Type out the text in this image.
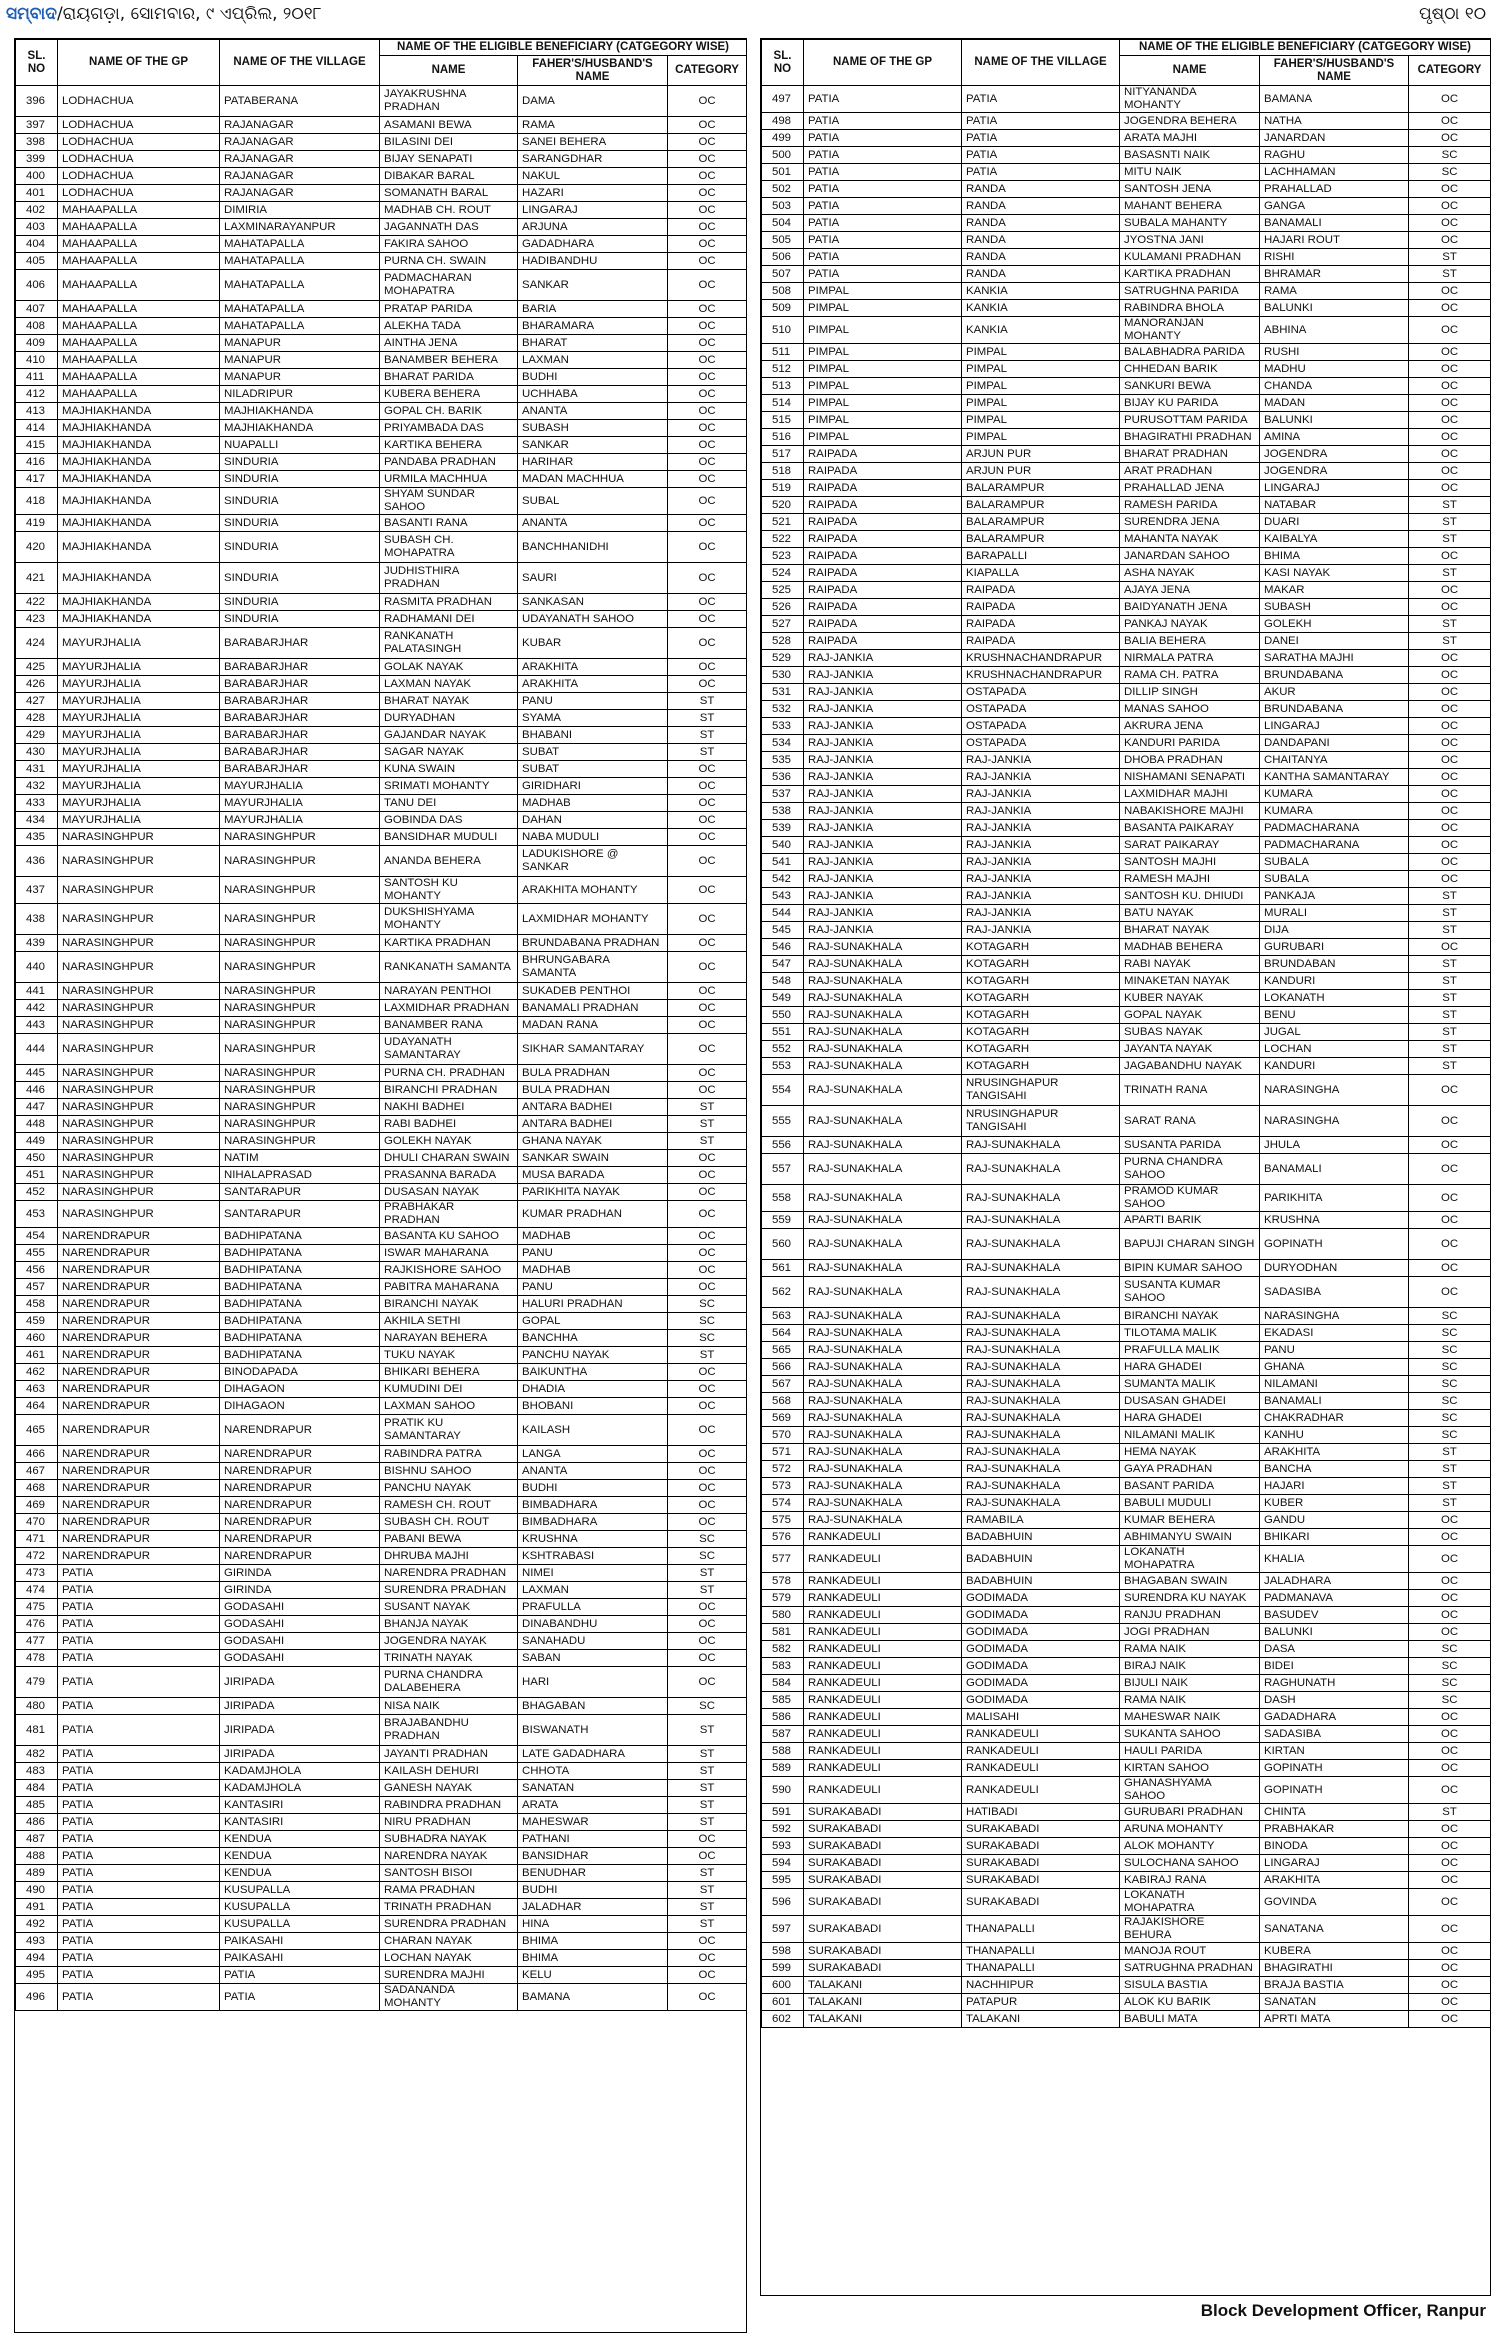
ସମ୍ବାଦ/ରାୟଗଡ଼ା, ସୋମବାର, ୯ ଏପ୍ରିଲ, ୨୦୧୮	ପୃଷ୍ଠା ୧୦
SL. NO	NAME OF THE GP	NAME OF THE VILLAGE	NAME OF THE ELIGIBLE BENEFICIARY (CATGEGORY WISE)		
			NAME	FAHER'S/HUSBAND'S NAME	CATEGORY
396	LODHACHUA	PATABERANA	JAYAKRUSHNA PRADHAN	DAMA	OC
397	LODHACHUA	RAJANAGAR	ASAMANI BEWA	RAMA	OC
398	LODHACHUA	RAJANAGAR	BILASINI DEI	SANEI BEHERA	OC
399	LODHACHUA	RAJANAGAR	BIJAY SENAPATI	SARANGDHAR	OC
400	LODHACHUA	RAJANAGAR	DIBAKAR BARAL	NAKUL	OC
401	LODHACHUA	RAJANAGAR	SOMANATH BARAL	HAZARI	OC
402	MAHAAPALLA	DIMIRIA	MADHAB CH. ROUT	LINGARAJ	OC
403	MAHAAPALLA	LAXMINARAYANPUR	JAGANNATH DAS	ARJUNA	OC
404	MAHAAPALLA	MAHATAPALLA	FAKIRA SAHOO	GADADHARA	OC
405	MAHAAPALLA	MAHATAPALLA	PURNA CH. SWAIN	HADIBANDHU	OC
406	MAHAAPALLA	MAHATAPALLA	PADMACHARAN MOHAPATRA	SANKAR	OC
407	MAHAAPALLA	MAHATAPALLA	PRATAP PARIDA	BARIA	OC
408	MAHAAPALLA	MAHATAPALLA	ALEKHA TADA	BHARAMARA	OC
409	MAHAAPALLA	MANAPUR	AINTHA JENA	BHARAT	OC
410	MAHAAPALLA	MANAPUR	BANAMBER BEHERA	LAXMAN	OC
411	MAHAAPALLA	MANAPUR	BHARAT PARIDA	BUDHI	OC
412	MAHAAPALLA	NILADRIPUR	KUBERA BEHERA	UCHHABA	OC
413	MAJHIAKHANDA	MAJHIAKHANDA	GOPAL CH. BARIK	ANANTA	OC
414	MAJHIAKHANDA	MAJHIAKHANDA	PRIYAMBADA DAS	SUBASH	OC
415	MAJHIAKHANDA	NUAPALLI	KARTIKA BEHERA	SANKAR	OC
416	MAJHIAKHANDA	SINDURIA	PANDABA PRADHAN	HARIHAR	OC
417	MAJHIAKHANDA	SINDURIA	URMILA MACHHUA	MADAN MACHHUA	OC
418	MAJHIAKHANDA	SINDURIA	SHYAM SUNDAR SAHOO	SUBAL	OC
419	MAJHIAKHANDA	SINDURIA	BASANTI RANA	ANANTA	OC
420	MAJHIAKHANDA	SINDURIA	SUBASH CH. MOHAPATRA	BANCHHANIDHI	OC
421	MAJHIAKHANDA	SINDURIA	JUDHISTHIRA PRADHAN	SAURI	OC
422	MAJHIAKHANDA	SINDURIA	RASMITA PRADHAN	SANKASAN	OC
423	MAJHIAKHANDA	SINDURIA	RADHAMANI DEI	UDAYANATH SAHOO	OC
424	MAYURJHALIA	BARABARJHAR	RANKANATH PALATASINGH	KUBAR	OC
425	MAYURJHALIA	BARABARJHAR	GOLAK NAYAK	ARAKHITA	OC
426	MAYURJHALIA	BARABARJHAR	LAXMAN NAYAK	ARAKHITA	OC
427	MAYURJHALIA	BARABARJHAR	BHARAT NAYAK	PANU	ST
428	MAYURJHALIA	BARABARJHAR	DURYADHAN	SYAMA	ST
429	MAYURJHALIA	BARABARJHAR	GAJANDAR NAYAK	BHABANI	ST
430	MAYURJHALIA	BARABARJHAR	SAGAR NAYAK	SUBAT	ST
431	MAYURJHALIA	BARABARJHAR	KUNA SWAIN	SUBAT	OC
432	MAYURJHALIA	MAYURJHALIA	SRIMATI MOHANTY	GIRIDHARI	OC
433	MAYURJHALIA	MAYURJHALIA	TANU DEI	MADHAB	OC
434	MAYURJHALIA	MAYURJHALIA	GOBINDA DAS	DAHAN	OC
435	NARASINGHPUR	NARASINGHPUR	BANSIDHAR MUDULI	NABA MUDULI	OC
436	NARASINGHPUR	NARASINGHPUR	ANANDA BEHERA	LADUKISHORE @ SANKAR	OC
437	NARASINGHPUR	NARASINGHPUR	SANTOSH KU MOHANTY	ARAKHITA MOHANTY	OC
438	NARASINGHPUR	NARASINGHPUR	DUKSHISHYAMA MOHANTY	LAXMIDHAR MOHANTY	OC
439	NARASINGHPUR	NARASINGHPUR	KARTIKA PRADHAN	BRUNDABANA PRADHAN	OC
440	NARASINGHPUR	NARASINGHPUR	RANKANATH SAMANTA	BHRUNGABARA SAMANTA	OC
441	NARASINGHPUR	NARASINGHPUR	NARAYAN PENTHOI	SUKADEB PENTHOI	OC
442	NARASINGHPUR	NARASINGHPUR	LAXMIDHAR PRADHAN	BANAMALI PRADHAN	OC
443	NARASINGHPUR	NARASINGHPUR	BANAMBER RANA	MADAN RANA	OC
444	NARASINGHPUR	NARASINGHPUR	UDAYANATH SAMANTARAY	SIKHAR SAMANTARAY	OC
445	NARASINGHPUR	NARASINGHPUR	PURNA CH. PRADHAN	BULA PRADHAN	OC
446	NARASINGHPUR	NARASINGHPUR	BIRANCHI PRADHAN	BULA PRADHAN	OC
447	NARASINGHPUR	NARASINGHPUR	NAKHI BADHEI	ANTARA BADHEI	ST
448	NARASINGHPUR	NARASINGHPUR	RABI BADHEI	ANTARA BADHEI	ST
449	NARASINGHPUR	NARASINGHPUR	GOLEKH NAYAK	GHANA NAYAK	ST
450	NARASINGHPUR	NATIM	DHULI CHARAN SWAIN	SANKAR SWAIN	OC
451	NARASINGHPUR	NIHALAPRASAD	PRASANNA BARADA	MUSA BARADA	OC
452	NARASINGHPUR	SANTARAPUR	DUSASAN NAYAK	PARIKHITA NAYAK	OC
453	NARASINGHPUR	SANTARAPUR	PRABHAKAR PRADHAN	KUMAR PRADHAN	OC
454	NARENDRAPUR	BADHIPATANA	BASANTA KU SAHOO	MADHAB	OC
455	NARENDRAPUR	BADHIPATANA	ISWAR MAHARANA	PANU	OC
456	NARENDRAPUR	BADHIPATANA	RAJKISHORE SAHOO	MADHAB	OC
457	NARENDRAPUR	BADHIPATANA	PABITRA MAHARANA	PANU	OC
458	NARENDRAPUR	BADHIPATANA	BIRANCHI NAYAK	HALURI PRADHAN	SC
459	NARENDRAPUR	BADHIPATANA	AKHILA SETHI	GOPAL	SC
460	NARENDRAPUR	BADHIPATANA	NARAYAN BEHERA	BANCHHA	SC
461	NARENDRAPUR	BADHIPATANA	TUKU NAYAK	PANCHU NAYAK	ST
462	NARENDRAPUR	BINODAPADA	BHIKARI BEHERA	BAIKUNTHA	OC
463	NARENDRAPUR	DIHAGAON	KUMUDINI DEI	DHADIA	OC
464	NARENDRAPUR	DIHAGAON	LAXMAN SAHOO	BHOBANI	OC
465	NARENDRAPUR	NARENDRAPUR	PRATIK KU SAMANTARAY	KAILASH	OC
466	NARENDRAPUR	NARENDRAPUR	RABINDRA PATRA	LANGA	OC
467	NARENDRAPUR	NARENDRAPUR	BISHNU SAHOO	ANANTA	OC
468	NARENDRAPUR	NARENDRAPUR	PANCHU NAYAK	BUDHI	OC
469	NARENDRAPUR	NARENDRAPUR	RAMESH CH. ROUT	BIMBADHARA	OC
470	NARENDRAPUR	NARENDRAPUR	SUBASH CH. ROUT	BIMBADHARA	OC
471	NARENDRAPUR	NARENDRAPUR	PABANI BEWA	KRUSHNA	SC
472	NARENDRAPUR	NARENDRAPUR	DHRUBA MAJHI	KSHTRABASI	SC
473	PATIA	GIRINDA	NARENDRA PRADHAN	NIMEI	ST
474	PATIA	GIRINDA	SURENDRA PRADHAN	LAXMAN	ST
475	PATIA	GODASAHI	SUSANT NAYAK	PRAFULLA	OC
476	PATIA	GODASAHI	BHANJA NAYAK	DINABANDHU	OC
477	PATIA	GODASAHI	JOGENDRA NAYAK	SANAHADU	OC
478	PATIA	GODASAHI	TRINATH NAYAK	SABAN	OC
479	PATIA	JIRIPADA	PURNA CHANDRA DALABEHERA	HARI	OC
480	PATIA	JIRIPADA	NISA NAIK	BHAGABAN	SC
481	PATIA	JIRIPADA	BRAJABANDHU PRADHAN	BISWANATH	ST
482	PATIA	JIRIPADA	JAYANTI PRADHAN	LATE GADADHARA	ST
483	PATIA	KADAMJHOLA	KAILASH DEHURI	CHHOTA	ST
484	PATIA	KADAMJHOLA	GANESH NAYAK	SANATAN	ST
485	PATIA	KANTASIRI	RABINDRA PRADHAN	ARATA	ST
486	PATIA	KANTASIRI	NIRU PRADHAN	MAHESWAR	ST
487	PATIA	KENDUA	SUBHADRA NAYAK	PATHANI	OC
488	PATIA	KENDUA	NARENDRA NAYAK	BANSIDHAR	OC
489	PATIA	KENDUA	SANTOSH BISOI	BENUDHAR	ST
490	PATIA	KUSUPALLA	RAMA PRADHAN	BUDHI	ST
491	PATIA	KUSUPALLA	TRINATH PRADHAN	JALADHAR	ST
492	PATIA	KUSUPALLA	SURENDRA PRADHAN	HINA	ST
493	PATIA	PAIKASAHI	CHARAN NAYAK	BHIMA	OC
494	PATIA	PAIKASAHI	LOCHAN NAYAK	BHIMA	OC
495	PATIA	PATIA	SURENDRA MAJHI	KELU	OC
496	PATIA	PATIA	SADANANDA MOHANTY	BAMANA	OC
SL. NO	NAME OF THE GP	NAME OF THE VILLAGE	NAME OF THE ELIGIBLE BENEFICIARY (CATGEGORY WISE)		
			NAME	FAHER'S/HUSBAND'S NAME	CATEGORY
497	PATIA	PATIA	NITYANANDA MOHANTY	BAMANA	OC
498	PATIA	PATIA	JOGENDRA BEHERA	NATHA	OC
499	PATIA	PATIA	ARATA MAJHI	JANARDAN	OC
500	PATIA	PATIA	BASASNTI NAIK	RAGHU	SC
501	PATIA	PATIA	MITU NAIK	LACHHAMAN	SC
502	PATIA	RANDA	SANTOSH JENA	PRAHALLAD	OC
503	PATIA	RANDA	MAHANT BEHERA	GANGA	OC
504	PATIA	RANDA	SUBALA MAHANTY	BANAMALI	OC
505	PATIA	RANDA	JYOSTNA JANI	HAJARI ROUT	OC
506	PATIA	RANDA	KULAMANI PRADHAN	RISHI	ST
507	PATIA	RANDA	KARTIKA PRADHAN	BHRAMAR	ST
508	PIMPAL	KANKIA	SATRUGHNA PARIDA	RAMA	OC
509	PIMPAL	KANKIA	RABINDRA BHOLA	BALUNKI	OC
510	PIMPAL	KANKIA	MANORANJAN MOHANTY	ABHINA	OC
511	PIMPAL	PIMPAL	BALABHADRA PARIDA	RUSHI	OC
512	PIMPAL	PIMPAL	CHHEDAN BARIK	MADHU	OC
513	PIMPAL	PIMPAL	SANKURI BEWA	CHANDA	OC
514	PIMPAL	PIMPAL	BIJAY KU PARIDA	MADAN	OC
515	PIMPAL	PIMPAL	PURUSOTTAM PARIDA	BALUNKI	OC
516	PIMPAL	PIMPAL	BHAGIRATHI PRADHAN	AMINA	OC
517	RAIPADA	ARJUN PUR	BHARAT PRADHAN	JOGENDRA	OC
518	RAIPADA	ARJUN PUR	ARAT PRADHAN	JOGENDRA	OC
519	RAIPADA	BALARAMPUR	PRAHALLAD JENA	LINGARAJ	OC
520	RAIPADA	BALARAMPUR	RAMESH PARIDA	NATABAR	ST
521	RAIPADA	BALARAMPUR	SURENDRA JENA	DUARI	ST
522	RAIPADA	BALARAMPUR	MAHANTA NAYAK	KAIBALYA	ST
523	RAIPADA	BARAPALLI	JANARDAN SAHOO	BHIMA	OC
524	RAIPADA	KIAPALLA	ASHA NAYAK	KASI NAYAK	ST
525	RAIPADA	RAIPADA	AJAYA JENA	MAKAR	OC
526	RAIPADA	RAIPADA	BAIDYANATH JENA	SUBASH	OC
527	RAIPADA	RAIPADA	PANKAJ NAYAK	GOLEKH	ST
528	RAIPADA	RAIPADA	BALIA BEHERA	DANEI	ST
529	RAJ-JANKIA	KRUSHNACHANDRAPUR	NIRMALA PATRA	SARATHA MAJHI	OC
530	RAJ-JANKIA	KRUSHNACHANDRAPUR	RAMA CH. PATRA	BRUNDABANA	OC
531	RAJ-JANKIA	OSTAPADA	DILLIP SINGH	AKUR	OC
532	RAJ-JANKIA	OSTAPADA	MANAS SAHOO	BRUNDABANA	OC
533	RAJ-JANKIA	OSTAPADA	AKRURA JENA	LINGARAJ	OC
534	RAJ-JANKIA	OSTAPADA	KANDURI PARIDA	DANDAPANI	OC
535	RAJ-JANKIA	RAJ-JANKIA	DHOBA PRADHAN	CHAITANYA	OC
536	RAJ-JANKIA	RAJ-JANKIA	NISHAMANI SENAPATI	KANTHA SAMANTARAY	OC
537	RAJ-JANKIA	RAJ-JANKIA	LAXMIDHAR MAJHI	KUMARA	OC
538	RAJ-JANKIA	RAJ-JANKIA	NABAKISHORE MAJHI	KUMARA	OC
539	RAJ-JANKIA	RAJ-JANKIA	BASANTA PAIKARAY	PADMACHARANA	OC
540	RAJ-JANKIA	RAJ-JANKIA	SARAT PAIKARAY	PADMACHARANA	OC
541	RAJ-JANKIA	RAJ-JANKIA	SANTOSH MAJHI	SUBALA	OC
542	RAJ-JANKIA	RAJ-JANKIA	RAMESH MAJHI	SUBALA	OC
543	RAJ-JANKIA	RAJ-JANKIA	SANTOSH KU. DHIUDI	PANKAJA	ST
544	RAJ-JANKIA	RAJ-JANKIA	BATU NAYAK	MURALI	ST
545	RAJ-JANKIA	RAJ-JANKIA	BHARAT NAYAK	DIJA	ST
546	RAJ-SUNAKHALA	KOTAGARH	MADHAB BEHERA	GURUBARI	OC
547	RAJ-SUNAKHALA	KOTAGARH	RABI NAYAK	BRUNDABAN	ST
548	RAJ-SUNAKHALA	KOTAGARH	MINAKETAN NAYAK	KANDURI	ST
549	RAJ-SUNAKHALA	KOTAGARH	KUBER NAYAK	LOKANATH	ST
550	RAJ-SUNAKHALA	KOTAGARH	GOPAL NAYAK	BENU	ST
551	RAJ-SUNAKHALA	KOTAGARH	SUBAS NAYAK	JUGAL	ST
552	RAJ-SUNAKHALA	KOTAGARH	JAYANTA NAYAK	LOCHAN	ST
553	RAJ-SUNAKHALA	KOTAGARH	JAGABANDHU NAYAK	KANDURI	ST
554	RAJ-SUNAKHALA	NRUSINGHAPUR TANGISAHI	TRINATH RANA	NARASINGHA	OC
555	RAJ-SUNAKHALA	NRUSINGHAPUR TANGISAHI	SARAT RANA	NARASINGHA	OC
556	RAJ-SUNAKHALA	RAJ-SUNAKHALA	SUSANTA PARIDA	JHULA	OC
557	RAJ-SUNAKHALA	RAJ-SUNAKHALA	PURNA CHANDRA SAHOO	BANAMALI	OC
558	RAJ-SUNAKHALA	RAJ-SUNAKHALA	PRAMOD KUMAR SAHOO	PARIKHITA	OC
559	RAJ-SUNAKHALA	RAJ-SUNAKHALA	APARTI BARIK	KRUSHNA	OC
560	RAJ-SUNAKHALA	RAJ-SUNAKHALA	BAPUJI CHARAN SINGH	GOPINATH	OC
561	RAJ-SUNAKHALA	RAJ-SUNAKHALA	BIPIN KUMAR SAHOO	DURYODHAN	OC
562	RAJ-SUNAKHALA	RAJ-SUNAKHALA	SUSANTA KUMAR SAHOO	SADASIBA	OC
563	RAJ-SUNAKHALA	RAJ-SUNAKHALA	BIRANCHI NAYAK	NARASINGHA	SC
564	RAJ-SUNAKHALA	RAJ-SUNAKHALA	TILOTAMA MALIK	EKADASI	SC
565	RAJ-SUNAKHALA	RAJ-SUNAKHALA	PRAFULLA MALIK	PANU	SC
566	RAJ-SUNAKHALA	RAJ-SUNAKHALA	HARA GHADEI	GHANA	SC
567	RAJ-SUNAKHALA	RAJ-SUNAKHALA	SUMANTA MALIK	NILAMANI	SC
568	RAJ-SUNAKHALA	RAJ-SUNAKHALA	DUSASAN GHADEI	BANAMALI	SC
569	RAJ-SUNAKHALA	RAJ-SUNAKHALA	HARA GHADEI	CHAKRADHAR	SC
570	RAJ-SUNAKHALA	RAJ-SUNAKHALA	NILAMANI MALIK	KANHU	SC
571	RAJ-SUNAKHALA	RAJ-SUNAKHALA	HEMA NAYAK	ARAKHITA	ST
572	RAJ-SUNAKHALA	RAJ-SUNAKHALA	GAYA PRADHAN	BANCHA	ST
573	RAJ-SUNAKHALA	RAJ-SUNAKHALA	BASANT PARIDA	HAJARI	ST
574	RAJ-SUNAKHALA	RAJ-SUNAKHALA	BABULI MUDULI	KUBER	ST
575	RAJ-SUNAKHALA	RAMABILA	KUMAR BEHERA	GANDU	OC
576	RANKADEULI	BADABHUIN	ABHIMANYU SWAIN	BHIKARI	OC
577	RANKADEULI	BADABHUIN	LOKANATH MOHAPATRA	KHALIA	OC
578	RANKADEULI	BADABHUIN	BHAGABAN SWAIN	JALADHARA	OC
579	RANKADEULI	GODIMADA	SURENDRA KU NAYAK	PADMANAVA	OC
580	RANKADEULI	GODIMADA	RANJU PRADHAN	BASUDEV	OC
581	RANKADEULI	GODIMADA	JOGI PRADHAN	BALUNKI	OC
582	RANKADEULI	GODIMADA	RAMA NAIK	DASA	SC
583	RANKADEULI	GODIMADA	BIRAJ NAIK	BIDEI	SC
584	RANKADEULI	GODIMADA	BIJULI NAIK	RAGHUNATH	SC
585	RANKADEULI	GODIMADA	RAMA NAIK	DASH	SC
586	RANKADEULI	MALISAHI	MAHESWAR NAIK	GADADHARA	OC
587	RANKADEULI	RANKADEULI	SUKANTA SAHOO	SADASIBA	OC
588	RANKADEULI	RANKADEULI	HAULI PARIDA	KIRTAN	OC
589	RANKADEULI	RANKADEULI	KIRTAN SAHOO	GOPINATH	OC
590	RANKADEULI	RANKADEULI	GHANASHYAMA SAHOO	GOPINATH	OC
591	SURAKABADI	HATIBADI	GURUBARI PRADHAN	CHINTA	ST
592	SURAKABADI	SURAKABADI	ARUNA MOHANTY	PRABHAKAR	OC
593	SURAKABADI	SURAKABADI	ALOK MOHANTY	BINODA	OC
594	SURAKABADI	SURAKABADI	SULOCHANA SAHOO	LINGARAJ	OC
595	SURAKABADI	SURAKABADI	KABIRAJ RANA	ARAKHITA	OC
596	SURAKABADI	SURAKABADI	LOKANATH MOHAPATRA	GOVINDA	OC
597	SURAKABADI	THANAPALLI	RAJAKISHORE BEHURA	SANATANA	OC
598	SURAKABADI	THANAPALLI	MANOJA ROUT	KUBERA	OC
599	SURAKABADI	THANAPALLI	SATRUGHNA PRADHAN	BHAGIRATHI	OC
600	TALAKANI	NACHHIPUR	SISULA BASTIA	BRAJA BASTIA	OC
601	TALAKANI	PATAPUR	ALOK KU BARIK	SANATAN	OC
602	TALAKANI	TALAKANI	BABULI MATA	APRTI MATA	OC
Block Development Officer, Ranpur
